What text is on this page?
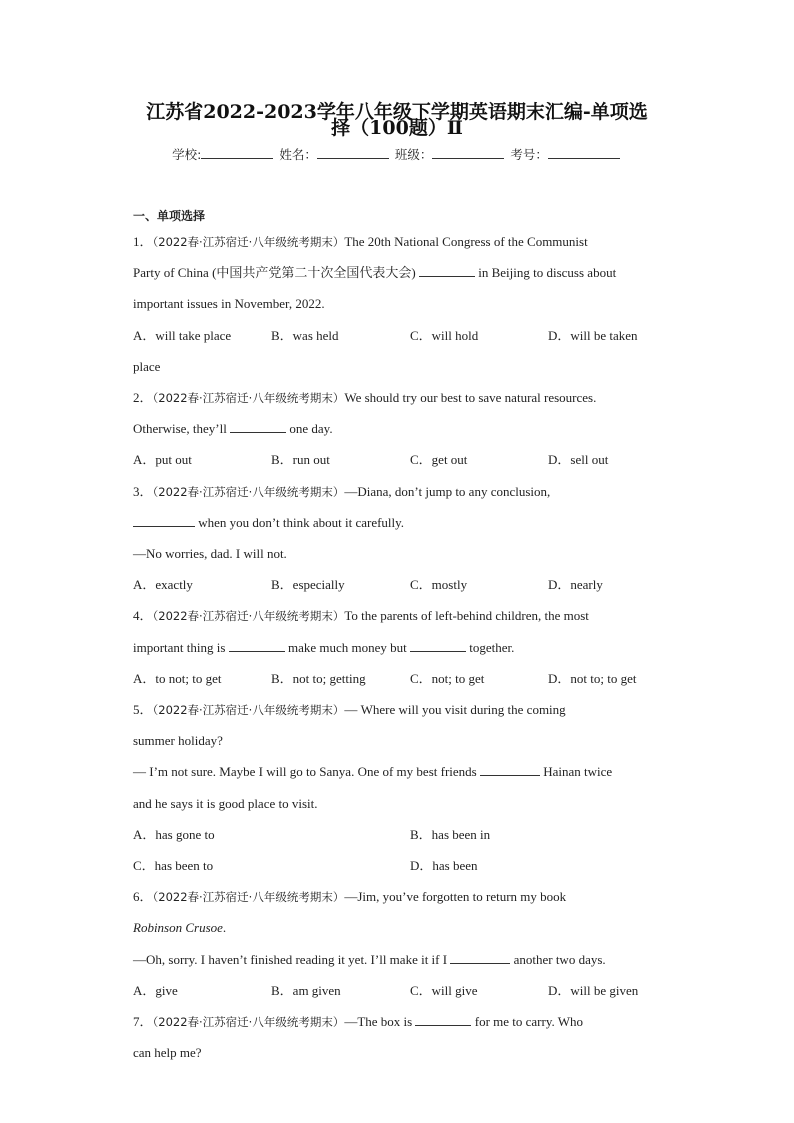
江苏省2022-2023学年八年级下学期英语期末汇编-单项选
择（100题）Ⅱ
学校:	姓名：	班级：	考号：
一、单项选择
1．（2022春·江苏宿迁·八年级统考期末）The 20th National Congress of the Communist
Party of China (中国共产党第二十次全国代表大会)	in Beijing to discuss about
important issues in November, 2022.
A．will take place	B．was held	C．will hold	D．will be taken
place
2．（2022春·江苏宿迁·八年级统考期末）We should try our best to save natural resources.
Otherwise, they’ll	one day.
A．put out	B．run out	C．get out	D．sell out
3．（2022春·江苏宿迁·八年级统考期末）—Diana, don’t jump to any conclusion,
when you don’t think about it carefully.
—No worries, dad. I will not.
A．exactly	B．especially	C．mostly	D．nearly
4．（2022春·江苏宿迁·八年级统考期末）To the parents of left-behind children, the most
important thing is	make much money but	together.
A．to not; to get	B．not to; getting	C．not; to get	D．not to; to get
5．（2022春·江苏宿迁·八年级统考期末）— Where will you visit during the coming
summer holiday?
— I’m not sure. Maybe I will go to Sanya. One of my best friends	Hainan twice
and he says it is good place to visit.
A．has gone to	B．has been in
C．has been to	D．has been
6．（2022春·江苏宿迁·八年级统考期末）—Jim, you’ve forgotten to return my book
Robinson Crusoe.
—Oh, sorry. I haven’t finished reading it yet. I’ll make it if I	another two days.
A．give	B．am given	C．will give	D．will be given
7．（2022春·江苏宿迁·八年级统考期末）—The box is	for me to carry. Who
can help me?
